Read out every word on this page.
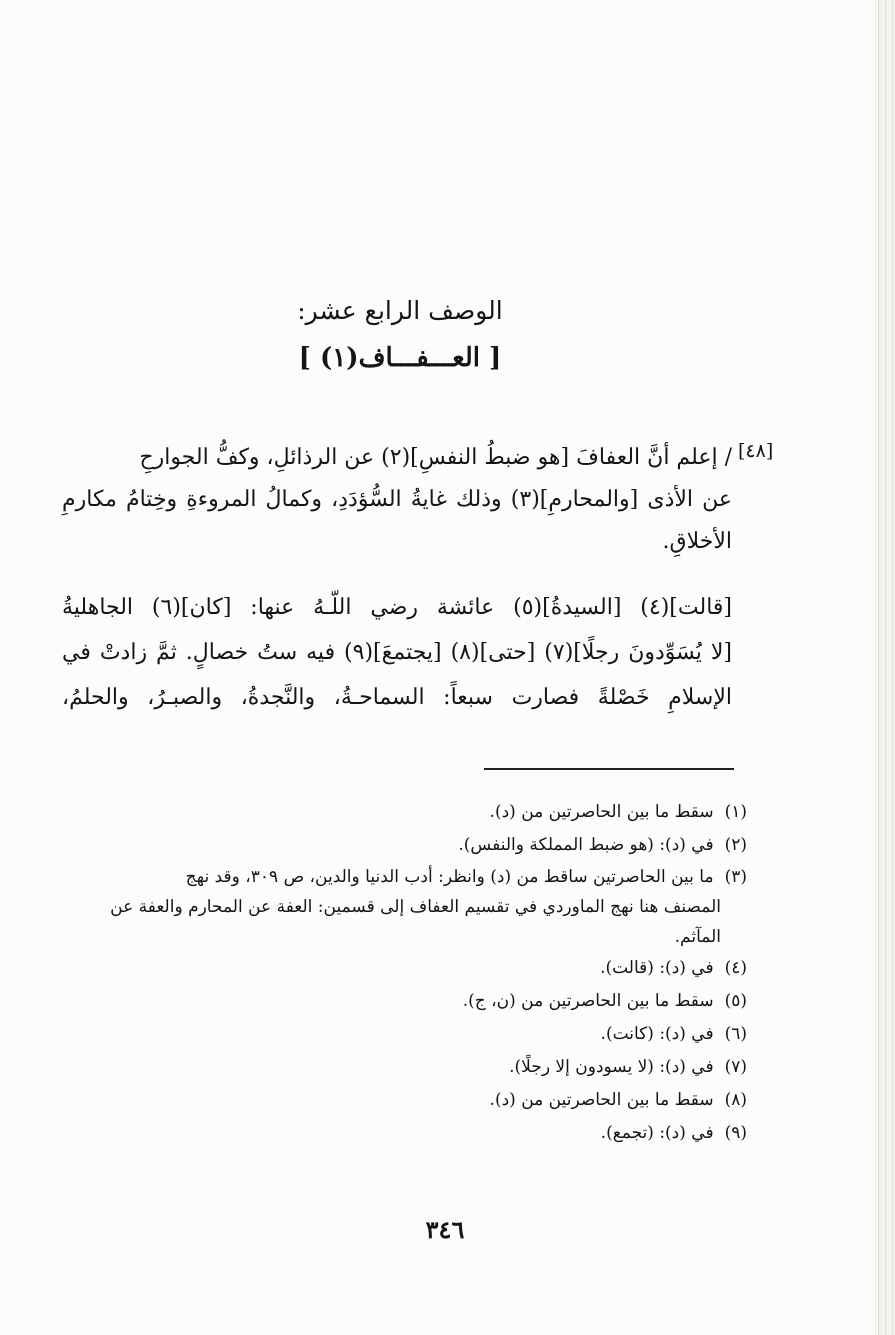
الوصف الرابع عشر:
[ العـــفـــاف(١) ]
[٤٨]

/ إعلم أنَّ العفافَ [هو ضبطُ النفسِ](٢) عن الرذائلِ، وكفُّ الجوارحِ
عن الأذى [والمحارمِ](٣) وذلك غايةُ السُّؤدَدِ، وكمالُ المروءةِ وخِتامُ مكارمِ
الأخلاقِ.

[قالت](٤) [السيدةُ](٥) عائشة رضي اللّـهُ عنها: [كان](٦) الجاهليةُ
[لا يُسَوِّدونَ رجلًا](٧) [حتى](٨) [يجتمعَ](٩) فيه ستُ خصالٍ. ثمَّ زادتْ في
الإسلامِ خَصْلةً فصارت سبعاً: السماحـةُ، والنَّجدةُ، والصبـرُ، والحلمُ،

(١) سقط ما بين الحاصرتين من (د).
(٢) في (د): (هو ضبط المملكة والنفس).
(٣) ما بين الحاصرتين ساقط من (د) وانظر: أدب الدنيا والدين، ص ٣٠٩، وقد نهج
المصنف هنا نهج الماوردي في تقسيم العفاف إلى قسمين: العفة عن المحارم والعفة عن المآثم.
(٤) في (د): (قالت).
(٥) سقط ما بين الحاصرتين من (ن، ج).
(٦) في (د): (كانت).
(٧) في (د): (لا يسودون إلا رجلًا).
(٨) سقط ما بين الحاصرتين من (د).
(٩) في (د): (تجمع).
٣٤٦
